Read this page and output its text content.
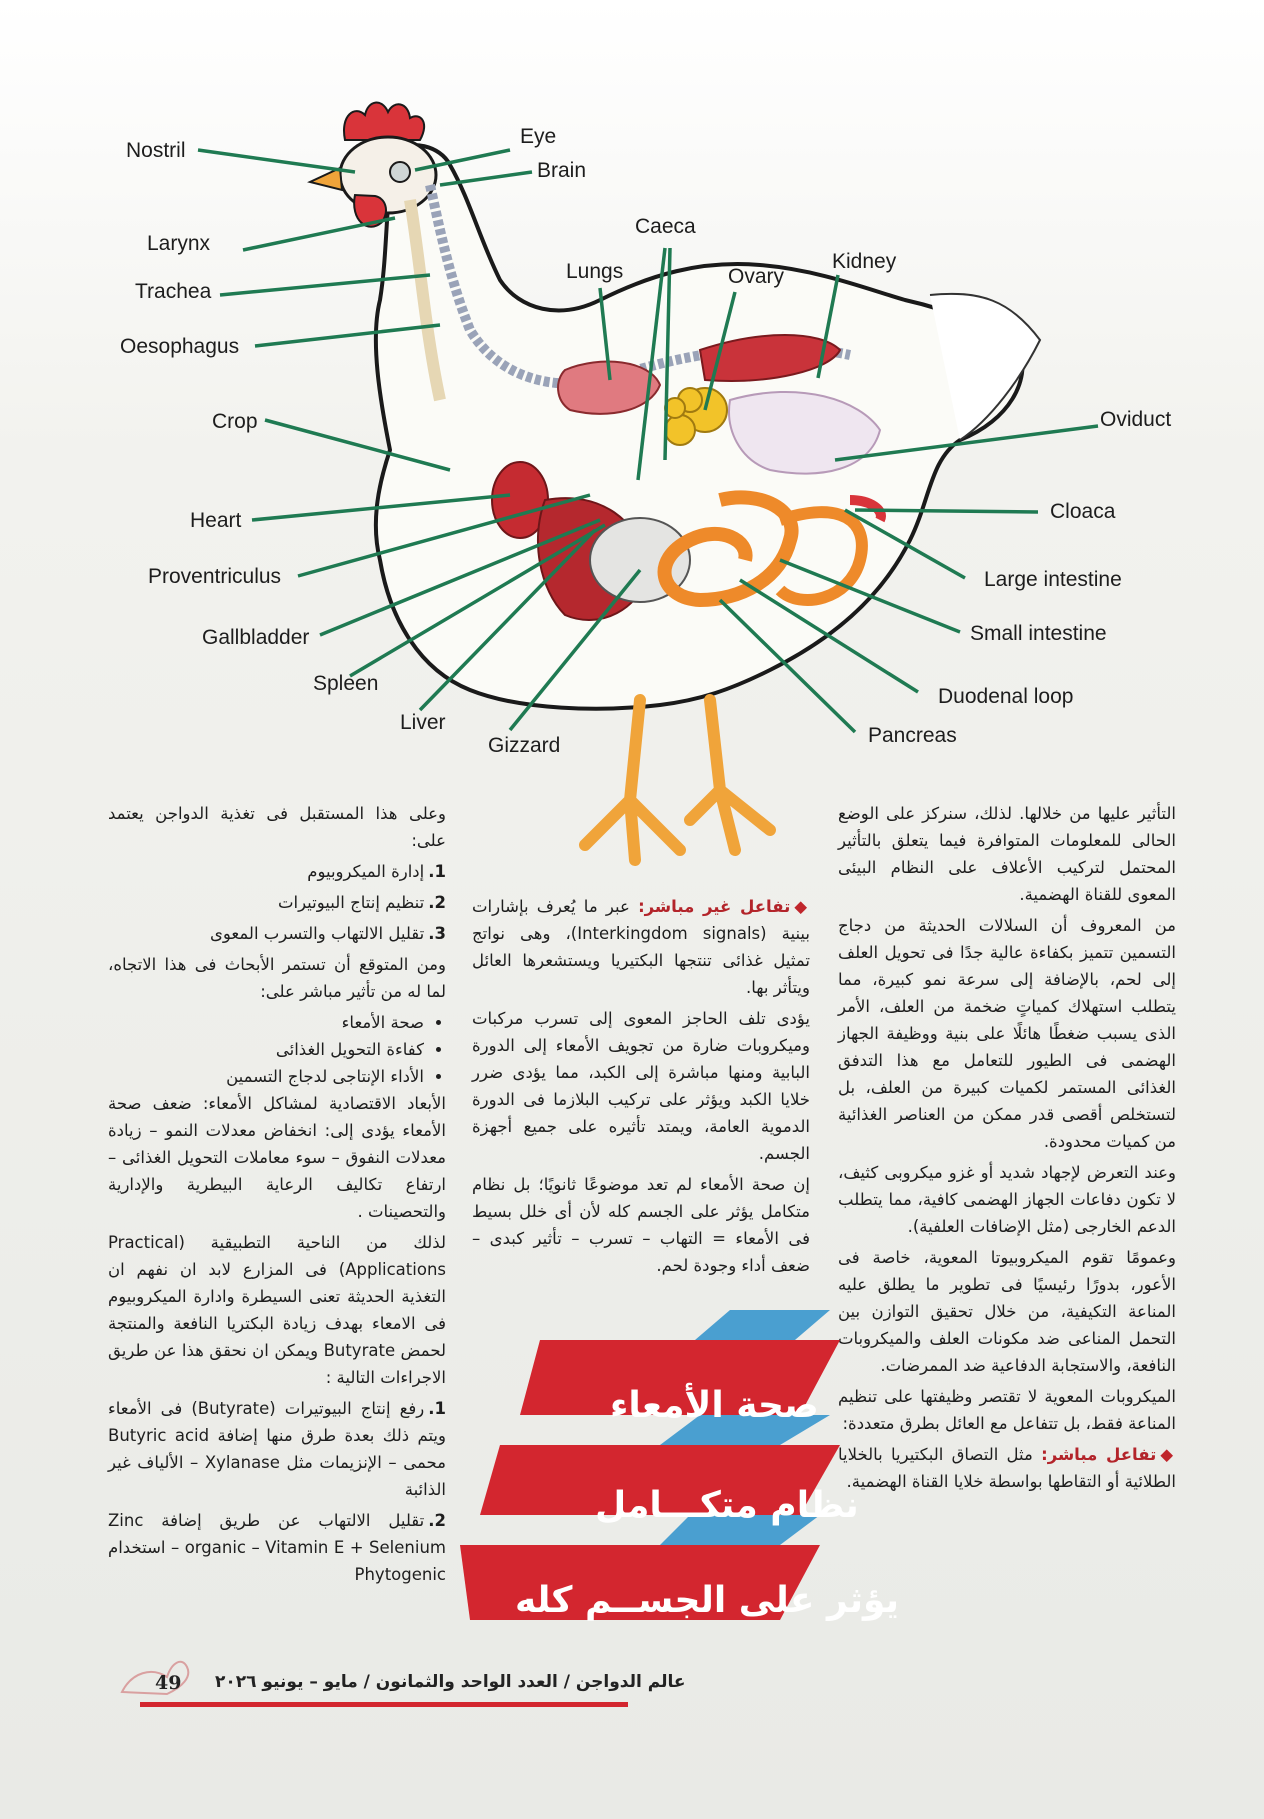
Nostril
Eye
Brain
Larynx
Trachea
Oesophagus
Crop
Heart
Proventriculus
Gallbladder
Spleen
Liver
Gizzard
Caeca
Lungs	Ovary
Kidney
Oviduct
Cloaca
Large intestine
Small intestine
Duodenal loop
Pancreas

التأثير عليها من خلالها. لذلك، سنركز على الوضع الحالى للمعلومات المتوافرة فيما يتعلق بالتأثير المحتمل لتركيب الأعلاف على النظام البيئى المعوى للقناة الهضمية.

من المعروف أن السلالات الحديثة من دجاج التسمين تتميز بكفاءة عالية جدًا فى تحويل العلف إلى لحم، بالإضافة إلى سرعة نمو كبيرة، مما يتطلب استهلاك كمياتٍ ضخمة من العلف، الأمر الذى يسبب ضغطًا هائلًا على بنية ووظيفة الجهاز الهضمى فى الطيور للتعامل مع هذا التدفق الغذائى المستمر لكميات كبيرة من العلف، بل لتستخلص أقصى قدر ممكن من العناصر الغذائية من كميات محدودة.

وعند التعرض لإجهاد شديد أو غزو ميكروبى كثيف، لا تكون دفاعات الجهاز الهضمى كافية، مما يتطلب الدعم الخارجى (مثل الإضافات العلفية).

وعمومًا تقوم الميكروبيوتا المعوية، خاصة فى الأعور، بدورًا رئيسيًا فى تطوير ما يطلق عليه المناعة التكيفية، من خلال تحقيق التوازن بين التحمل المناعى ضد مكونات العلف والميكروبات النافعة، والاستجابة الدفاعية ضد الممرضات.

الميكروبات المعوية لا تقتصر وظيفتها على تنظيم المناعة فقط، بل تتفاعل مع العائل بطرق متعددة:

◆تفاعل مباشر: مثل التصاق البكتيريا بالخلايا الطلائية أو التقاطها بواسطة خلايا القناة الهضمية.

◆تفاعل غير مباشر: عبر ما يُعرف بإشارات بينية (Interkingdom signals)، وهى نواتج تمثيل غذائى تنتجها البكتيريا ويستشعرها العائل ويتأثر بها.

يؤدى تلف الحاجز المعوى إلى تسرب مركبات وميكروبات ضارة من تجويف الأمعاء إلى الدورة البابية ومنها مباشرة إلى الكبد، مما يؤدى ضرر خلايا الكبد ويؤثر على تركيب البلازما فى الدورة الدموية العامة، ويمتد تأثيره على جميع أجهزة الجسم.

إن صحة الأمعاء لم تعد موضوعًا ثانويًا؛ بل نظام متكامل يؤثر على الجسم كله لأن أى خلل بسيط فى الأمعاء = التهاب – تسرب – تأثير كبدى – ضعف أداء وجودة لحم.

وعلى هذا المستقبل فى تغذية الدواجن يعتمد على:

1.إدارة الميكروبيوم

2.تنظيم إنتاج البيوتيرات

3.تقليل الالتهاب والتسرب المعوى

ومن المتوقع أن تستمر الأبحاث فى هذا الاتجاه، لما له من تأثير مباشر على:

• صحة الأمعاء
• كفاءة التحويل الغذائى
• الأداء الإنتاجى لدجاج التسمين

الأبعاد الاقتصادية لمشاكل الأمعاء: ضعف صحة الأمعاء يؤدى إلى: انخفاض معدلات النمو – زيادة معدلات النفوق – سوء معاملات التحويل الغذائى – ارتفاع تكاليف الرعاية البيطرية والإدارية والتحصينات .

لذلك من الناحية التطبيقية (Practical Applications) فى المزارع لابد ان نفهم ان التغذية الحديثة تعنى السيطرة وادارة الميكروبيوم فى الامعاء بهدف زيادة البكتريا النافعة والمنتجة لحمض Butyrate ويمكن ان نحقق هذا عن طريق الاجراءات التالية :

1.رفع إنتاج البيوتيرات (Butyrate) فى الأمعاء ويتم ذلك بعدة طرق منها إضافة Butyric acid محمى – الإنزيمات مثل Xylanase – الألياف غير الذائبة

2.تقليل الالتهاب عن طريق إضافة Zinc organic – Vitamin E + Selenium – استخدام Phytogenic

صحة الأمعاء
نظام متكـــامل
يؤثر على الجســم كله
49 عالم الدواجن / العدد الواحد والثمانون / مايو – يونيو ٢٠٢٦
